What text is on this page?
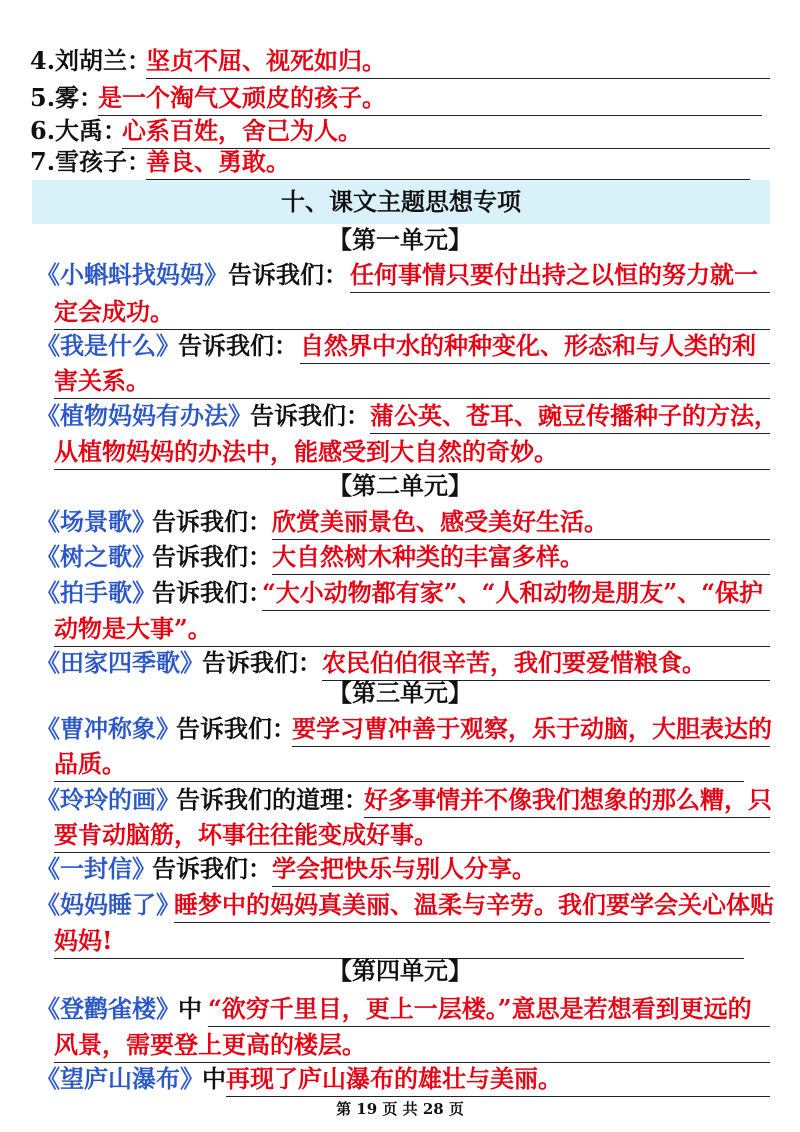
4.刘胡兰：
坚贞不屈、视死如归。
5.雾：
是一个淘气又顽皮的孩子。
6.大禹：
心系百姓，舍己为人。
7.雪孩子：
善良、勇敢。
十、课文主题思想专项
【第一单元】
《小蝌蚪找妈妈》 告诉我们： 任何事情只要付出持之以恒的努力就一
定会成功。
《我是什么》
告诉我们： 自然界中水的种种变化、形态和与人类的利
害关系。
《植物妈妈有办法》
告诉我们： 蒲公英、苍耳、豌豆传播种子的方法，
从植物妈妈的办法中，能感受到大自然的奇妙。
【第二单元】
《场景歌》
告诉我们： 欣赏美丽景色、感受美好生活。
《树之歌》
告诉我们： 大自然树木种类的丰富多样。
《拍手歌》
告诉我们：
“大小动物都有家”、“人和动物是朋友”、“保护
动物是大事”。
《田家四季歌》
告诉我们： 农民伯伯很辛苦，我们要爱惜粮食。
【第三单元】
《曹冲称象》
告诉我们：
要学习曹冲善于观察，乐于动脑，大胆表达的
品质。
《玲玲的画》
告诉我们的道理：
好多事情并不像我们想象的那么糟，只
要肯动脑筋，坏事往往能变成好事。
《一封信》
告诉我们： 学会把快乐与别人分享。
《妈妈睡了》
睡梦中的妈妈真美丽、温柔与辛劳。我们要学会关心体贴
妈妈!
【第四单元】
《登鹳雀楼》
中 “欲穷千里目，更上一层楼。”意思是若想看到更远的
风景，需要登上更高的楼层。
《望庐山瀑布》
中 再现了庐山瀑布的雄壮与美丽。
第 19 页 共 28 页
